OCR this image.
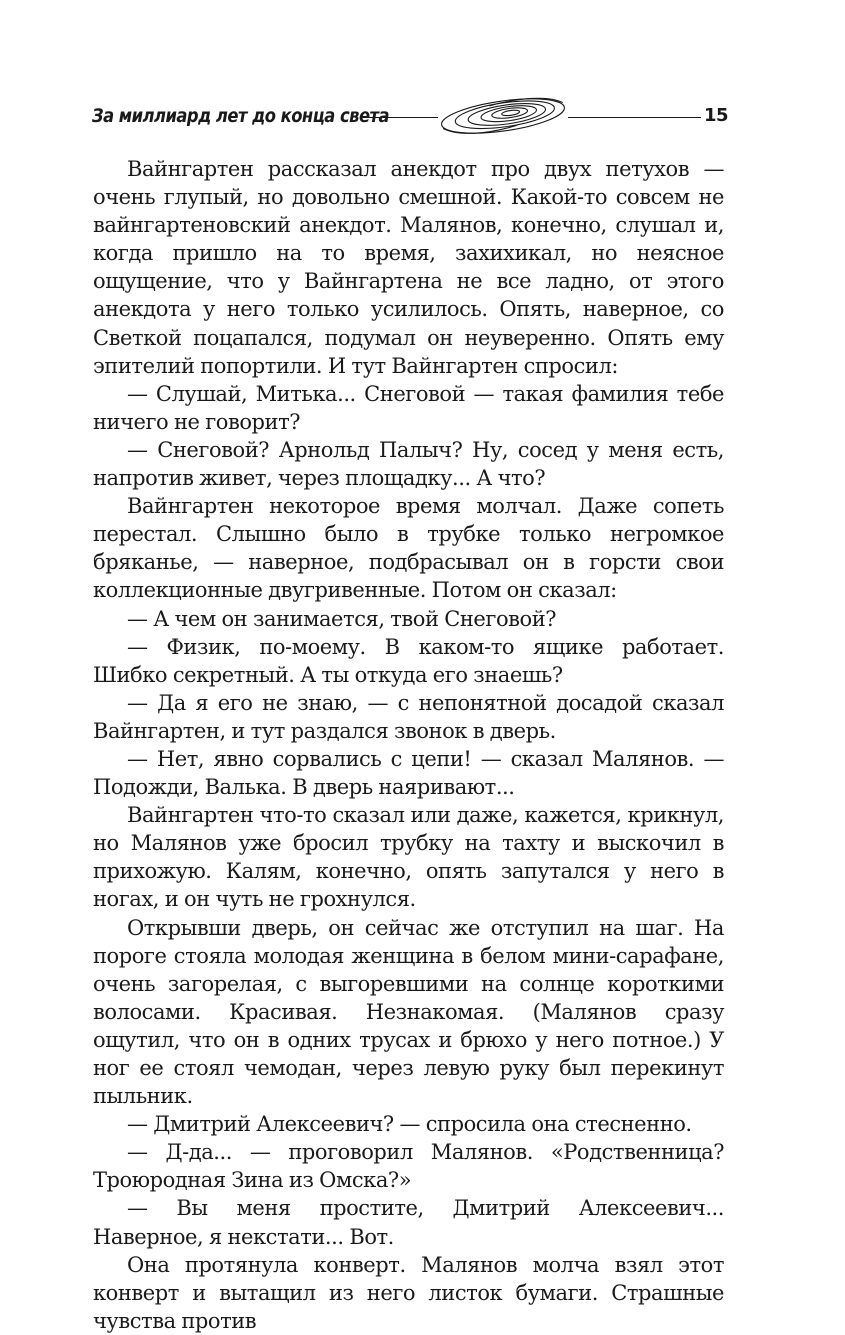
За миллиард лет до конца света	15

Вайнгартен рассказал анекдот про двух петухов — очень глупый, но довольно смешной. Какой-то совсем не вайнгартеновский анекдот. Малянов, конечно, слушал и, когда пришло на то время, захихикал, но неясное ощущение, что у Вайнгартена не все ладно, от этого анекдота у него только усилилось. Опять, наверное, со Светкой поцапался, подумал он неуверенно. Опять ему эпителий попортили. И тут Вайнгартен спросил:

— Слушай, Митька... Снеговой — такая фамилия тебе ничего не говорит?

— Снеговой? Арнольд Палыч? Ну, сосед у меня есть, напротив живет, через площадку... А что?

Вайнгартен некоторое время молчал. Даже сопеть перестал. Слышно было в трубке только негромкое бряканье, — наверное, подбрасывал он в горсти свои коллекционные двугривенные. Потом он сказал:

— А чем он занимается, твой Снеговой?

— Физик, по-моему. В каком-то ящике работает. Шибко секретный. А ты откуда его знаешь?

— Да я его не знаю, — с непонятной досадой сказал Вайнгартен, и тут раздался звонок в дверь.

— Нет, явно сорвались с цепи! — сказал Малянов. — Подожди, Валька. В дверь наяривают...

Вайнгартен что-то сказал или даже, кажется, крикнул, но Малянов уже бросил трубку на тахту и выскочил в прихожую. Калям, конечно, опять запутался у него в ногах, и он чуть не грохнулся.

Открывши дверь, он сейчас же отступил на шаг. На пороге стояла молодая женщина в белом мини-сарафане, очень загорелая, с выгоревшими на солнце короткими волосами. Красивая. Незнакомая. (Малянов сразу ощутил, что он в одних трусах и брюхо у него потное.) У ног ее стоял чемодан, через левую руку был перекинут пыльник.

— Дмитрий Алексеевич? — спросила она стесненно.

— Д-да... — проговорил Малянов. «Родственница? Троюродная Зина из Омска?»

— Вы меня простите, Дмитрий Алексеевич... Наверное, я некстати... Вот.

Она протянула конверт. Малянов молча взял этот конверт и вытащил из него листок бумаги. Страшные чувства против
